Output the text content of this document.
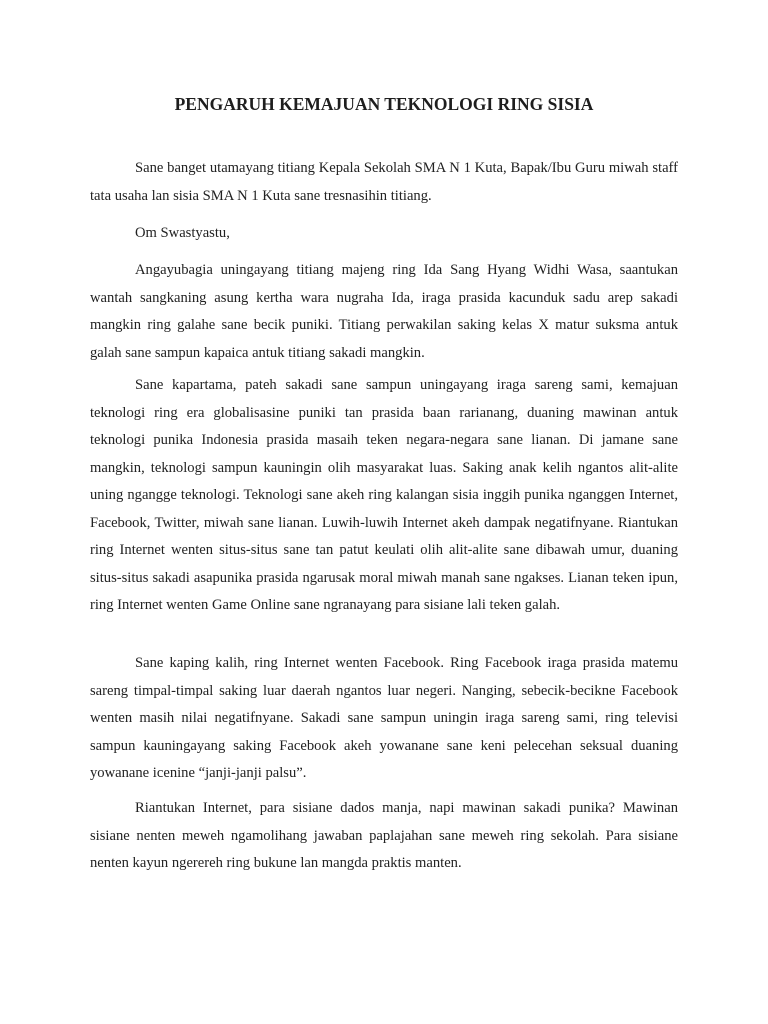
PENGARUH KEMAJUAN TEKNOLOGI RING SISIA

Sane banget utamayang titiang Kepala Sekolah SMA N 1 Kuta, Bapak/Ibu Guru miwah staff tata usaha lan sisia SMA N 1 Kuta sane tresnasihin titiang.

Om Swastyastu,

Angayubagia uningayang titiang majeng ring Ida Sang Hyang Widhi Wasa, saantukan wantah sangkaning asung kertha wara nugraha Ida, iraga prasida kacunduk sadu arep sakadi mangkin ring galahe sane becik puniki. Titiang perwakilan saking kelas X matur suksma antuk galah sane sampun kapaica antuk titiang sakadi mangkin.

Sane kapartama, pateh sakadi sane sampun uningayang iraga sareng sami, kemajuan teknologi ring era globalisasine puniki tan prasida baan rarianang, duaning mawinan antuk teknologi punika Indonesia prasida masaih teken negara-negara sane lianan. Di jamane sane mangkin, teknologi sampun kauningin olih masyarakat luas. Saking anak kelih ngantos alit-alite uning ngangge teknologi. Teknologi sane akeh ring kalangan sisia inggih punika nganggen Internet, Facebook, Twitter, miwah sane lianan. Luwih-luwih Internet akeh dampak negatifnyane. Riantukan ring Internet wenten situs-situs sane tan patut keulati olih alit-alite sane dibawah umur, duaning situs-situs sakadi asapunika prasida ngarusak moral miwah manah sane ngakses. Lianan teken ipun, ring Internet wenten Game Online sane ngranayang para sisiane lali teken galah.

Sane kaping kalih, ring Internet wenten Facebook. Ring Facebook iraga prasida matemu sareng timpal-timpal saking luar daerah ngantos luar negeri. Nanging, sebecik-becikne Facebook wenten masih nilai negatifnyane. Sakadi sane sampun uningin iraga sareng sami, ring televisi sampun kauningayang saking Facebook akeh yowanane sane keni pelecehan seksual duaning yowanane icenine “janji-janji palsu”.

Riantukan Internet, para sisiane dados manja, napi mawinan sakadi punika? Mawinan sisiane nenten meweh ngamolihang jawaban paplajahan sane meweh ring sekolah. Para sisiane nenten kayun ngerereh ring bukune lan mangda praktis manten.
